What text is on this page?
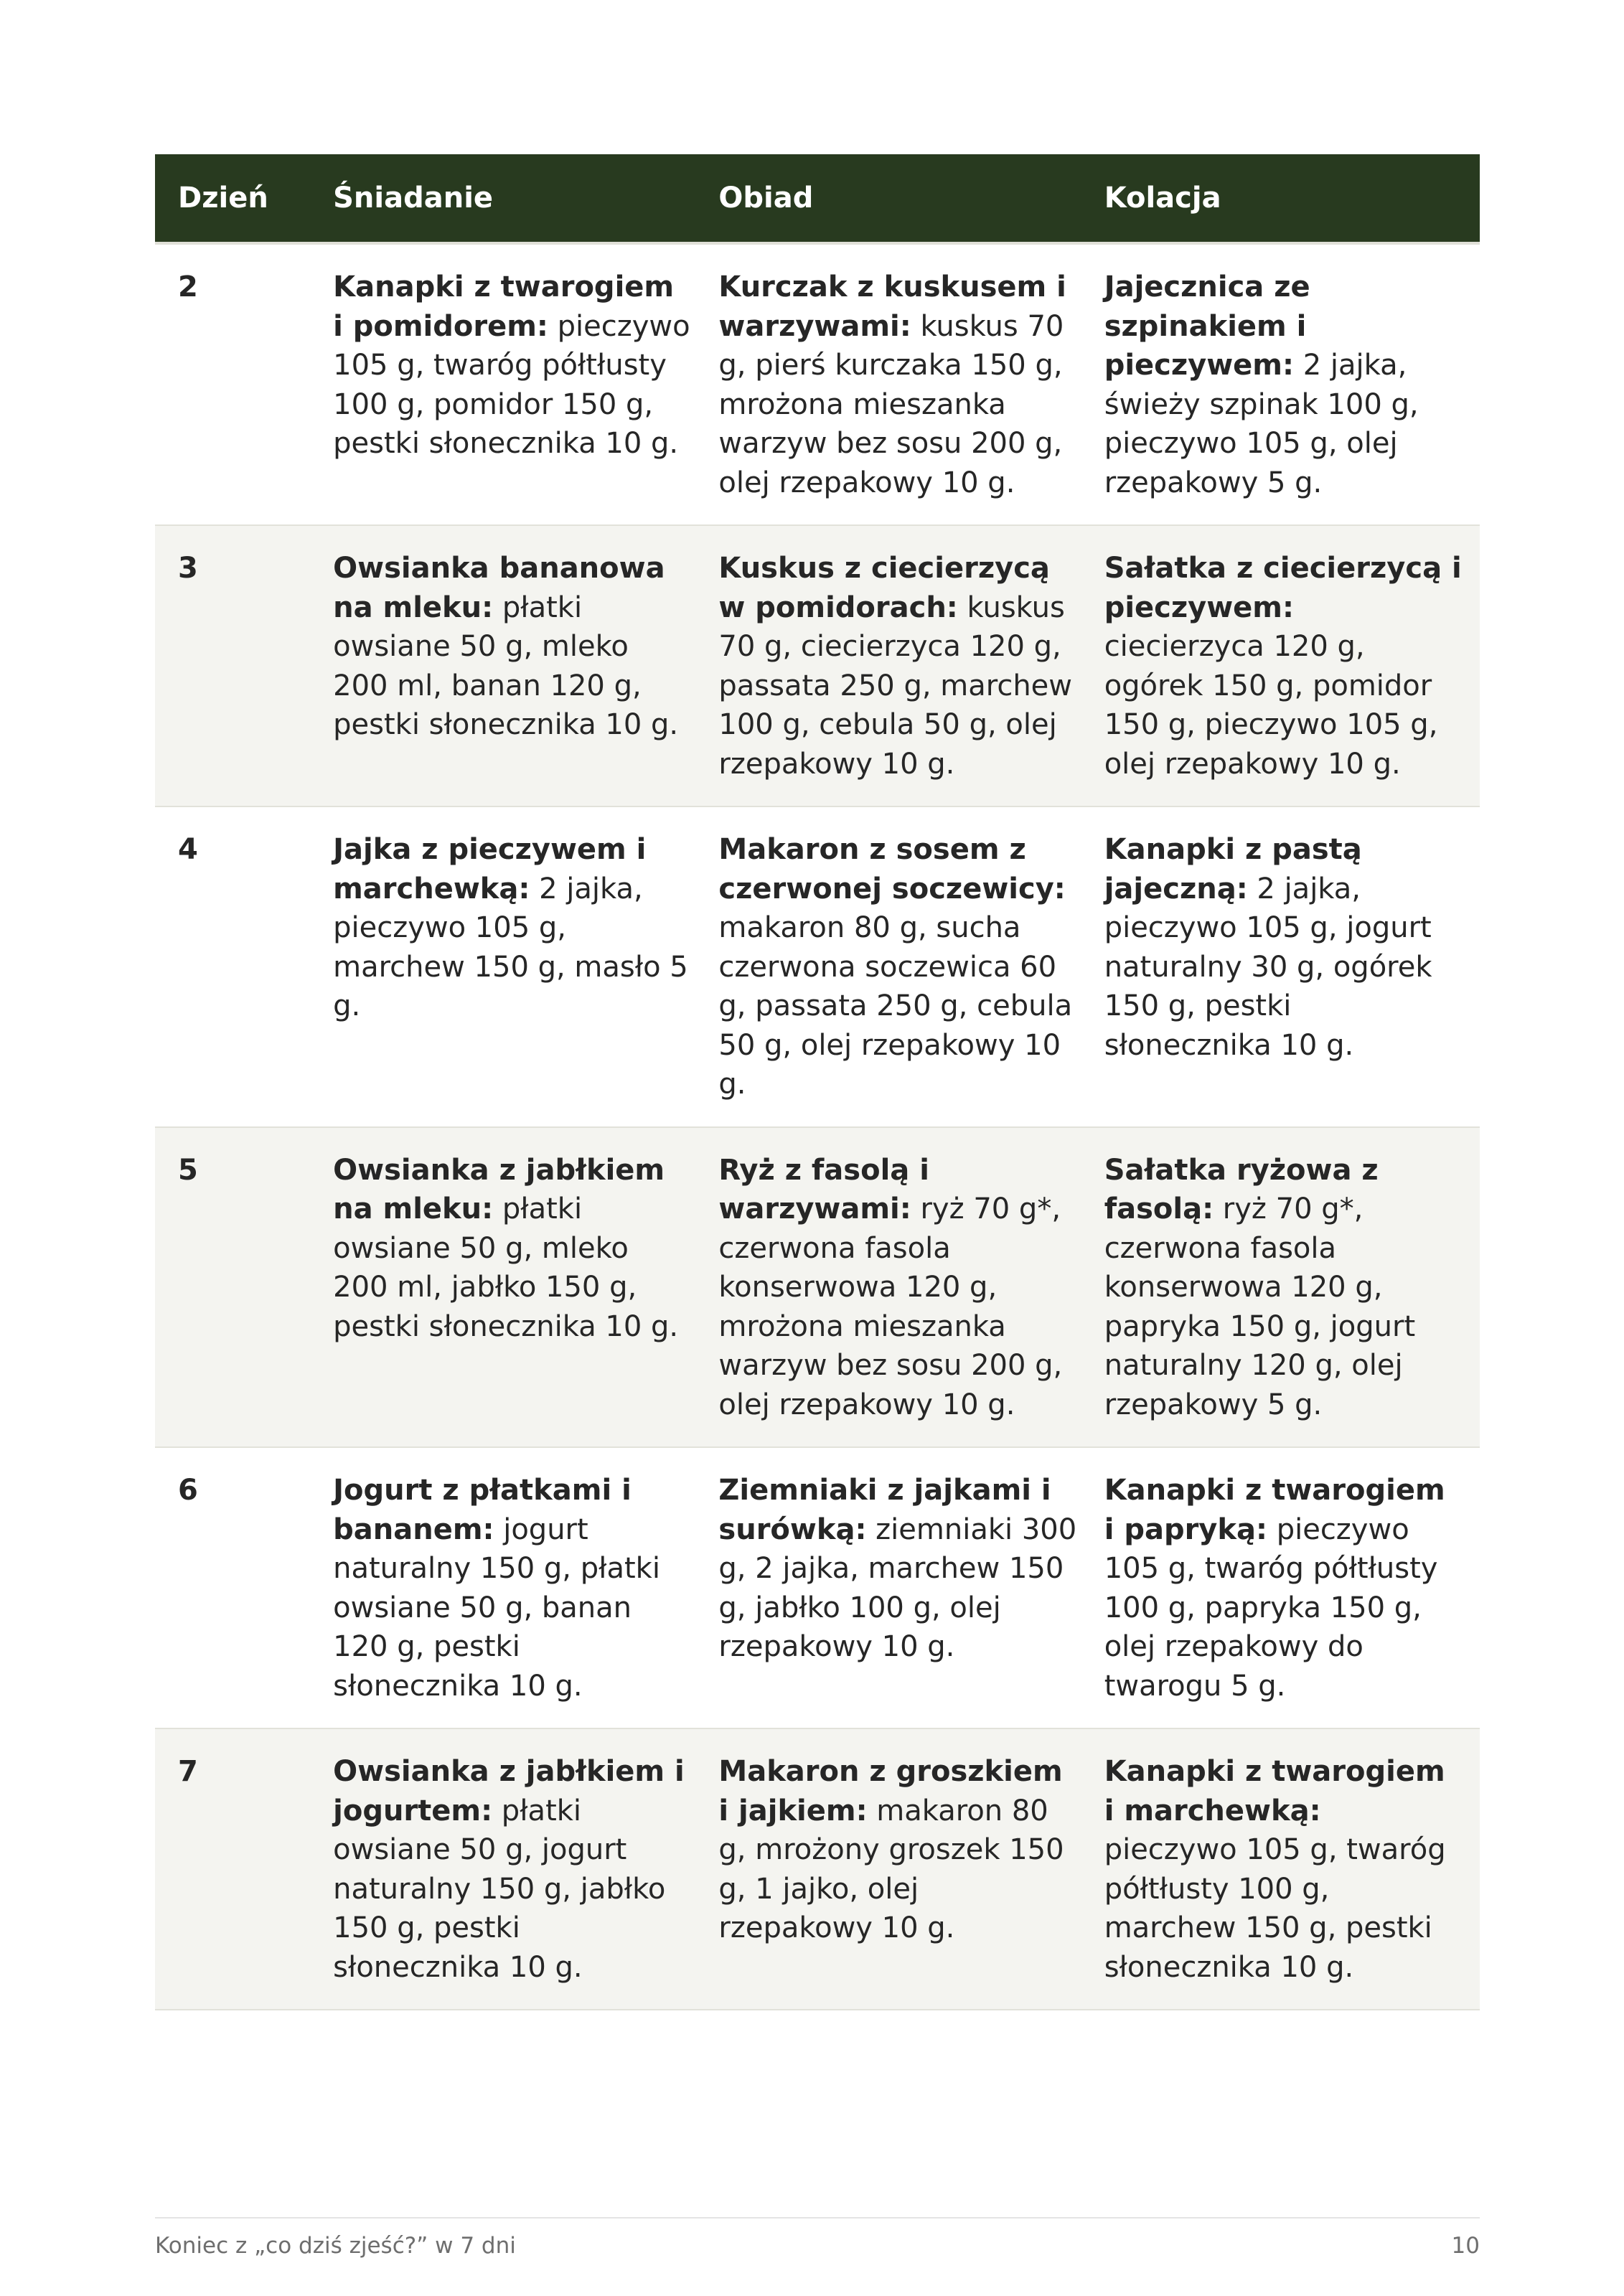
Dzień	Śniadanie	Obiad	Kolacja
2	Kanapki z twarogiem i pomidorem: pieczywo 105 g, twaróg półtłusty 100 g, pomidor 150 g, pestki słonecznika 10 g.	Kurczak z kuskusem i warzywami: kuskus 70 g, pierś kurczaka 150 g, mrożona mieszanka warzyw bez sosu 200 g, olej rzepakowy 10 g.	Jajecznica ze szpinakiem i pieczywem: 2 jajka, świeży szpinak 100 g, pieczywo 105 g, olej rzepakowy 5 g.
3	Owsianka bananowa na mleku: płatki owsiane 50 g, mleko 200 ml, banan 120 g, pestki słonecznika 10 g.	Kuskus z ciecierzycą w pomidorach: kuskus 70 g, ciecierzyca 120 g, passata 250 g, marchew 100 g, cebula 50 g, olej rzepakowy 10 g.	Sałatka z ciecierzycą i pieczywem: ciecierzyca 120 g, ogórek 150 g, pomidor 150 g, pieczywo 105 g, olej rzepakowy 10 g.
4	Jajka z pieczywem i marchewką: 2 jajka, pieczywo 105 g, marchew 150 g, masło 5 g.	Makaron z sosem z czerwonej soczewicy: makaron 80 g, sucha czerwona soczewica 60 g, passata 250 g, cebula 50 g, olej rzepakowy 10 g.	Kanapki z pastą jajeczną: 2 jajka, pieczywo 105 g, jogurt naturalny 30 g, ogórek 150 g, pestki słonecznika 10 g.
5	Owsianka z jabłkiem na mleku: płatki owsiane 50 g, mleko 200 ml, jabłko 150 g, pestki słonecznika 10 g.	Ryż z fasolą i warzywami: ryż 70 g*, czerwona fasola konserwowa 120 g, mrożona mieszanka warzyw bez sosu 200 g, olej rzepakowy 10 g.	Sałatka ryżowa z fasolą: ryż 70 g*, czerwona fasola konserwowa 120 g, papryka 150 g, jogurt naturalny 120 g, olej rzepakowy 5 g.
6	Jogurt z płatkami i bananem: jogurt naturalny 150 g, płatki owsiane 50 g, banan 120 g, pestki słonecznika 10 g.	Ziemniaki z jajkami i surówką: ziemniaki 300 g, 2 jajka, marchew 150 g, jabłko 100 g, olej rzepakowy 10 g.	Kanapki z twarogiem i papryką: pieczywo 105 g, twaróg półtłusty 100 g, papryka 150 g, olej rzepakowy do twarogu 5 g.
7	Owsianka z jabłkiem i jogurtem: płatki owsiane 50 g, jogurt naturalny 150 g, jabłko 150 g, pestki słonecznika 10 g.	Makaron z groszkiem i jajkiem: makaron 80 g, mrożony groszek 150 g, 1 jajko, olej rzepakowy 10 g.	Kanapki z twarogiem i marchewką: pieczywo 105 g, twaróg półtłusty 100 g, marchew 150 g, pestki słonecznika 10 g.
Koniec z „co dziś zjeść?” w 7 dni	10
